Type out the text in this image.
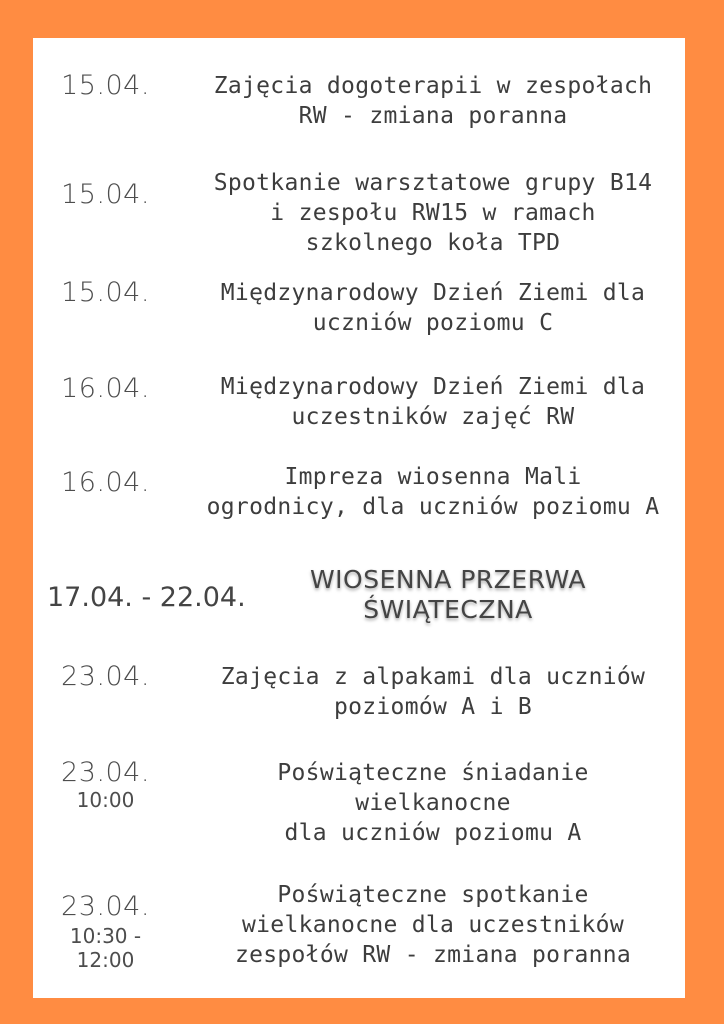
15.04.	Zajęcia dogoterapii w zespołach
RW - zmiana poranna
15.04.	Spotkanie warsztatowe grupy B14
i zespołu RW15 w ramach
szkolnego koła TPD
15.04.	Międzynarodowy Dzień Ziemi dla
uczniów poziomu C
16.04.	Międzynarodowy Dzień Ziemi dla
uczestników zajęć RW
16.04.	Impreza wiosenna Mali
ogrodnicy, dla uczniów poziomu A
17.04. - 22.04.
WIOSENNA PRZERWA
ŚWIĄTECZNA
23.04.	Zajęcia z alpakami dla uczniów
poziomów A i B
23.04.
10:00
Poświąteczne śniadanie wielkanocne
dla uczniów poziomu A
23.04.
10:30 -
12:00
Poświąteczne spotkanie
wielkanocne dla uczestników
zespołów RW - zmiana poranna
